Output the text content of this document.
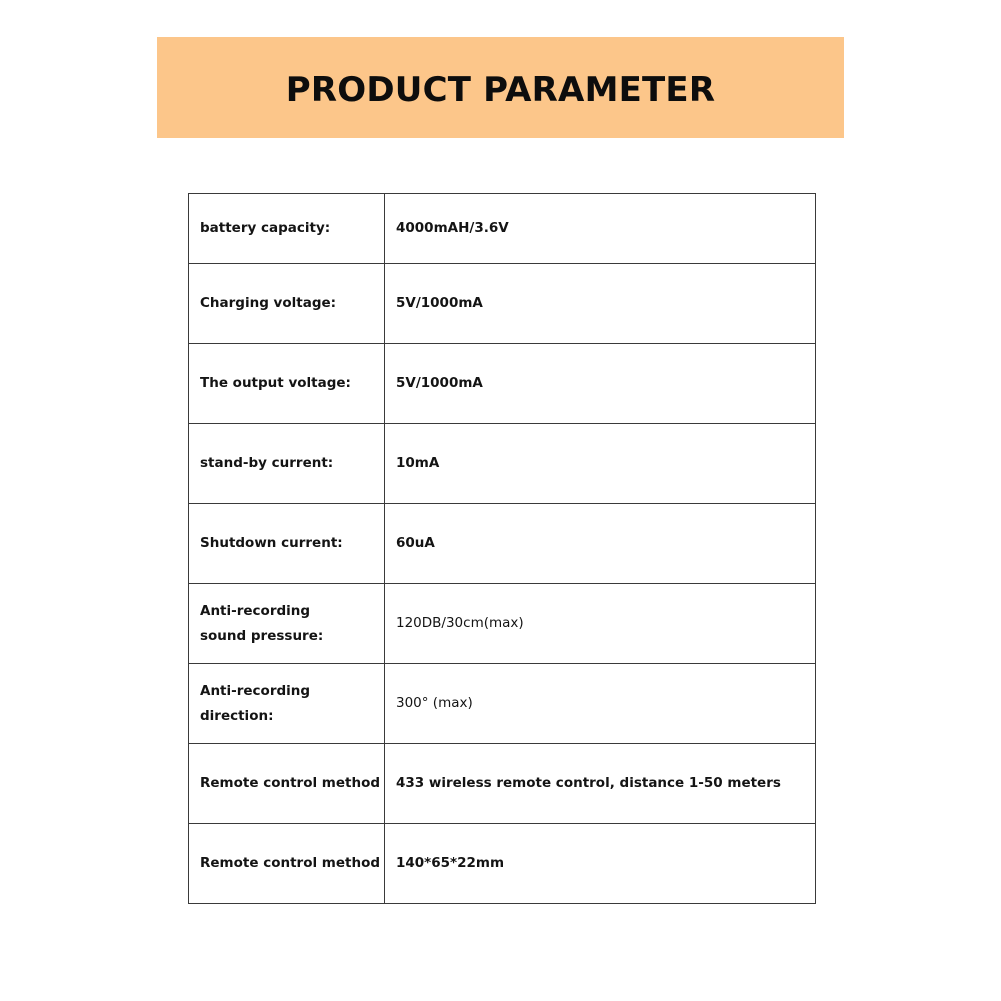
PRODUCT PARAMETER
battery capacity:	4000mAH/3.6V
Charging voltage:	5V/1000mA
The output voltage:	5V/1000mA
stand-by current:	10mA
Shutdown current:	60uA
Anti-recording
sound pressure:	120DB/30cm(max)
Anti-recording direction:	300° (max)
Remote control method	433 wireless remote control, distance 1-50 meters
Remote control method	140*65*22mm
